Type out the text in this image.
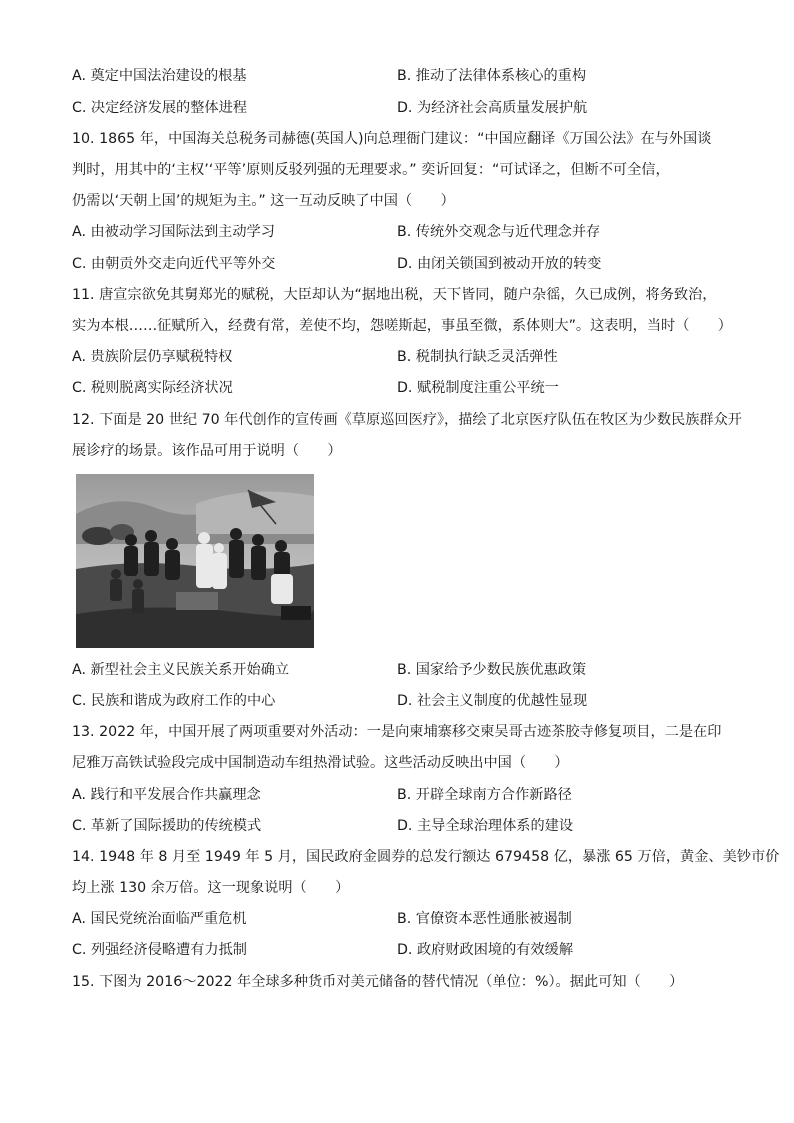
A. 奠定中国法治建设的根基	B. 推动了法律体系核心的重构
C. 决定经济发展的整体进程	D. 为经济社会高质量发展护航
10. 1865 年，中国海关总税务司赫德(英国人)向总理衙门建议：“中国应翻译《万国公法》在与外国谈
判时，用其中的‘主权’‘平等’原则反驳列强的无理要求。” 奕䜣回复：“可试译之，但断不可全信，
仍需以‘天朝上国’的规矩为主。” 这一互动反映了中国（　　）
A. 由被动学习国际法到主动学习	B. 传统外交观念与近代理念并存
C. 由朝贡外交走向近代平等外交	D. 由闭关锁国到被动开放的转变
11. 唐宣宗欲免其舅郑光的赋税，大臣却认为“据地出税，天下皆同，随户杂徭，久已成例，将务致治，
实为本根……征赋所入，经费有常，差使不均，怨嗟斯起，事虽至微，系体则大”。这表明，当时（　　）
A. 贵族阶层仍享赋税特权	B. 税制执行缺乏灵活弹性
C. 税则脱离实际经济状况	D. 赋税制度注重公平统一
12. 下面是 20 世纪 70 年代创作的宣传画《草原巡回医疗》，描绘了北京医疗队伍在牧区为少数民族群众开
展诊疗的场景。该作品可用于说明（　　）
A. 新型社会主义民族关系开始确立	B. 国家给予少数民族优惠政策
C. 民族和谐成为政府工作的中心	D. 社会主义制度的优越性显现
13. 2022 年，中国开展了两项重要对外活动：一是向柬埔寨移交柬吴哥古迹茶胶寺修复项目，二是在印
尼雅万高铁试验段完成中国制造动车组热滑试验。这些活动反映出中国（　　）
A. 践行和平发展合作共赢理念	B. 开辟全球南方合作新路径
C. 革新了国际援助的传统模式	D. 主导全球治理体系的建设
14. 1948 年 8 月至 1949 年 5 月，国民政府金圆券的总发行额达 679458 亿，暴涨 65 万倍，黄金、美钞市价
均上涨 130 余万倍。这一现象说明（　　）
A. 国民党统治面临严重危机	B. 官僚资本恶性通胀被遏制
C. 列强经济侵略遭有力抵制	D. 政府财政困境的有效缓解
15. 下图为 2016～2022 年全球多种货币对美元储备的替代情况（单位：%）。据此可知（　　）
